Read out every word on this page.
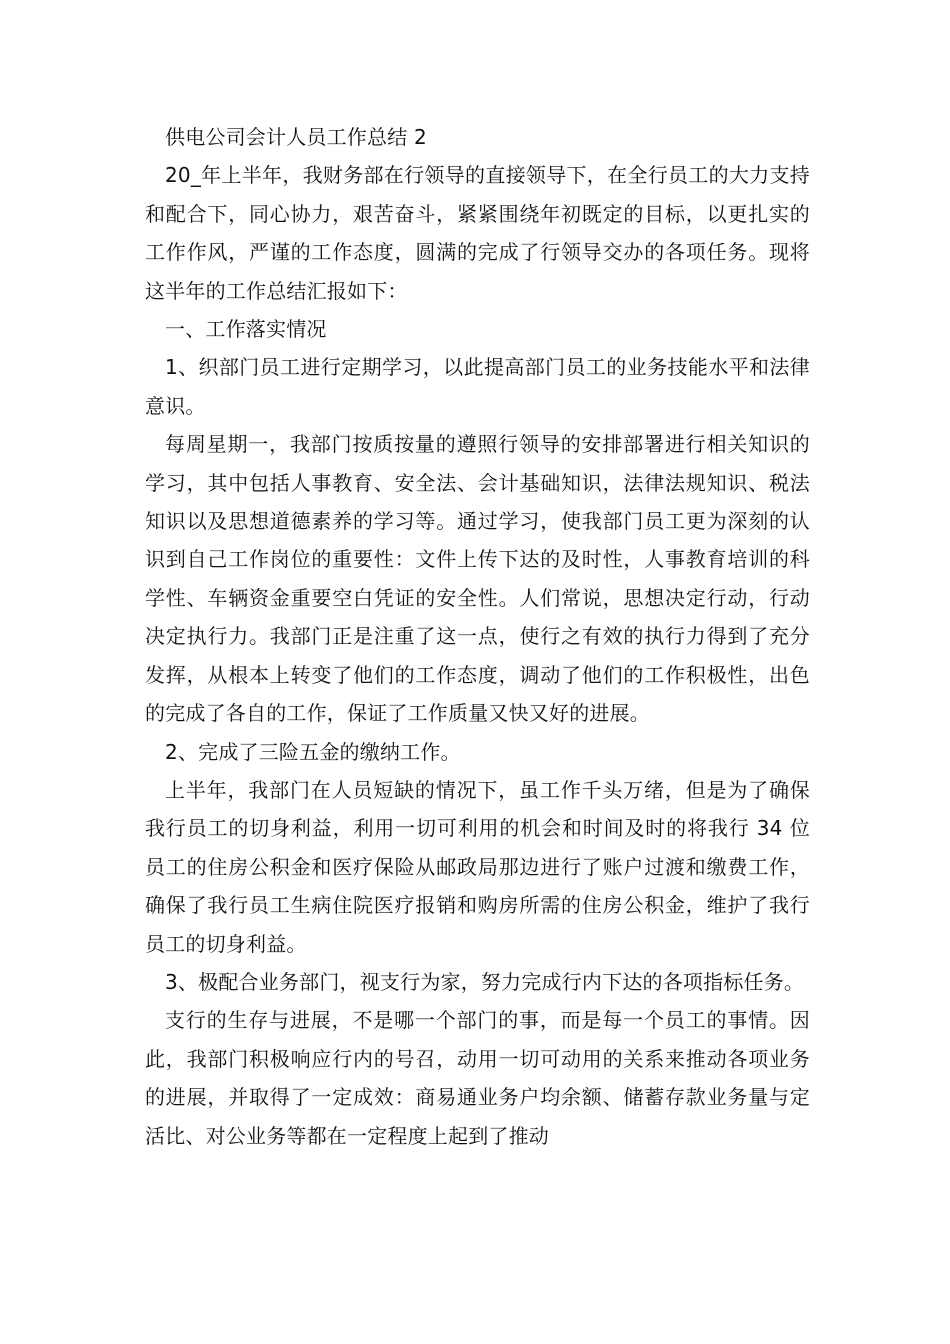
供电公司会计人员工作总结 2

20_年上半年，我财务部在行领导的直接领导下，在全行员工的大力支持和配合下，同心协力，艰苦奋斗，紧紧围绕年初既定的目标，以更扎实的工作作风，严谨的工作态度，圆满的完成了行领导交办的各项任务。现将这半年的工作总结汇报如下：

一、工作落实情况

1、织部门员工进行定期学习，以此提高部门员工的业务技能水平和法律意识。

每周星期一，我部门按质按量的遵照行领导的安排部署进行相关知识的学习，其中包括人事教育、安全法、会计基础知识，法律法规知识、税法知识以及思想道德素养的学习等。通过学习，使我部门员工更为深刻的认识到自己工作岗位的重要性：文件上传下达的及时性，人事教育培训的科学性、车辆资金重要空白凭证的安全性。人们常说，思想决定行动，行动决定执行力。我部门正是注重了这一点，使行之有效的执行力得到了充分发挥，从根本上转变了他们的工作态度，调动了他们的工作积极性，出色的完成了各自的工作，保证了工作质量又快又好的进展。

2、完成了三险五金的缴纳工作。

上半年，我部门在人员短缺的情况下，虽工作千头万绪，但是为了确保我行员工的切身利益，利用一切可利用的机会和时间及时的将我行 34 位员工的住房公积金和医疗保险从邮政局那边进行了账户过渡和缴费工作，确保了我行员工生病住院医疗报销和购房所需的住房公积金，维护了我行员工的切身利益。

3、极配合业务部门，视支行为家，努力完成行内下达的各项指标任务。

支行的生存与进展，不是哪一个部门的事，而是每一个员工的事情。因此，我部门积极响应行内的号召，动用一切可动用的关系来推动各项业务的进展，并取得了一定成效：商易通业务户均余额、储蓄存款业务量与定活比、对公业务等都在一定程度上起到了推动
